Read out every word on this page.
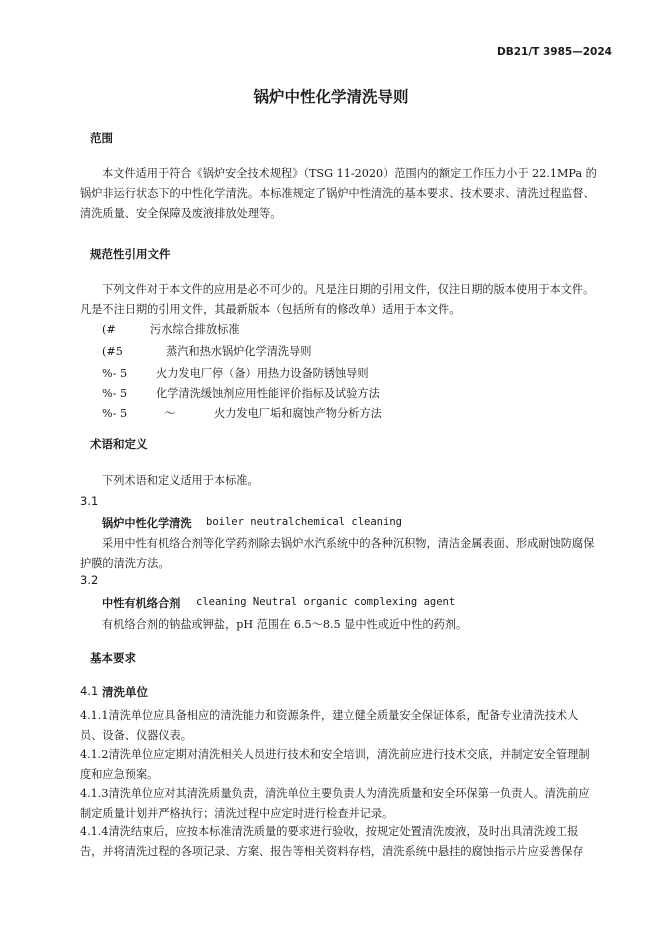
DB21/T 3985—2024
锅炉中性化学清洗导则
范围
本文件适用于符合《锅炉安全技术规程》（TSG 11-2020）范围内的额定工作压力小于 22.1MPa 的锅炉非运行状态下的中性化学清洗。本标准规定了锅炉中性清洗的基本要求、技术要求、清洗过程监督、清洗质量、安全保障及废液排放处理等。
规范性引用文件
下列文件对于本文件的应用是必不可少的。凡是注日期的引用文件，仅注日期的版本使用于本文件。凡是不注日期的引用文件，其最新版本（包括所有的修改单）适用于本文件。
(#	污水综合排放标准
(#5	蒸汽和热水锅炉化学清洗导则
%- 5	火力发电厂停（备）用热力设备防锈蚀导则
%- 5	化学清洗缓蚀剂应用性能评价指标及试验方法
%- 5	～	火力发电厂垢和腐蚀产物分析方法
术语和定义
下列术语和定义适用于本标准。
3.1
锅炉中性化学清洗 boiler neutralchemical cleaning
采用中性有机络合剂等化学药剂除去锅炉水汽系统中的各种沉积物，清洁金属表面、形成耐蚀防腐保护膜的清洗方法。
3.2
中性有机络合剂 cleaning Neutral organic complexing agent
有机络合剂的钠盐或钾盐，pH 范围在 6.5～8.5 显中性或近中性的药剂。
基本要求
4.1 清洗单位
4.1.1清洗单位应具备相应的清洗能力和资源条件，建立健全质量安全保证体系，配备专业清洗技术人员、设备、仪器仪表。
4.1.2清洗单位应定期对清洗相关人员进行技术和安全培训，清洗前应进行技术交底，并制定安全管理制度和应急预案。
4.1.3清洗单位应对其清洗质量负责，清洗单位主要负责人为清洗质量和安全环保第一负责人。清洗前应制定质量计划并严格执行；清洗过程中应定时进行检查并记录。
4.1.4清洗结束后，应按本标准清洗质量的要求进行验收，按规定处置清洗废液，及时出具清洗竣工报告，并将清洗过程的各项记录、方案、报告等相关资料存档，清洗系统中悬挂的腐蚀指示片应妥善保存
